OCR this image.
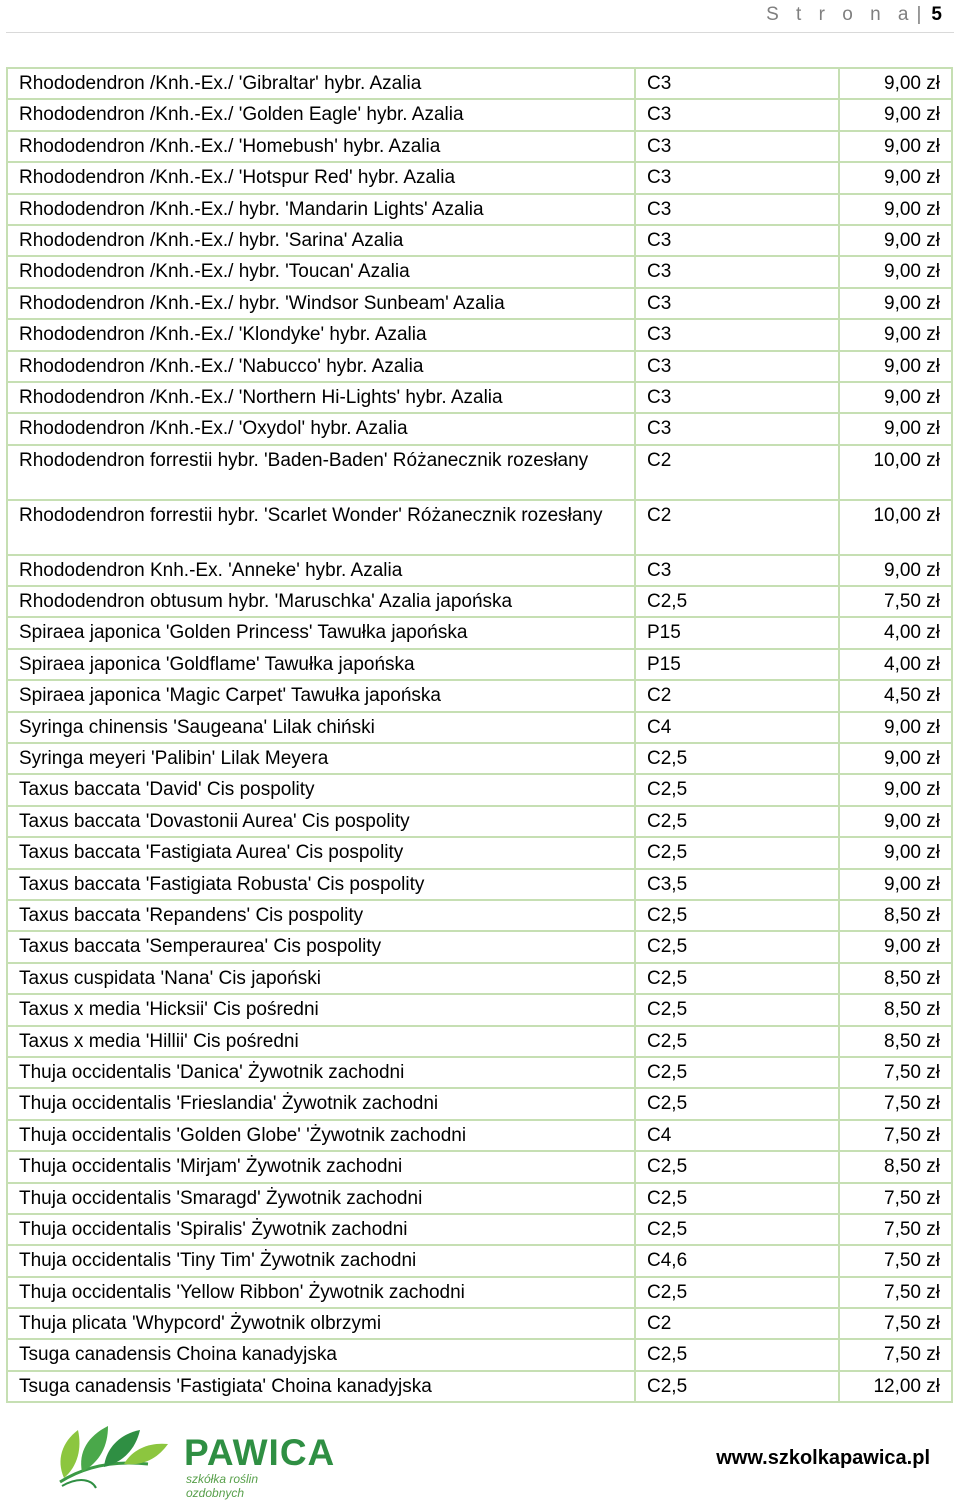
S t r o n a | 5
Rhododendron /Knh.-Ex./ 'Gibraltar' hybr. Azalia	C3	9,00 zł
Rhododendron /Knh.-Ex./ 'Golden Eagle' hybr. Azalia	C3	9,00 zł
Rhododendron /Knh.-Ex./ 'Homebush' hybr. Azalia	C3	9,00 zł
Rhododendron /Knh.-Ex./ 'Hotspur Red' hybr. Azalia	C3	9,00 zł
Rhododendron /Knh.-Ex./ hybr. 'Mandarin Lights' Azalia	C3	9,00 zł
Rhododendron /Knh.-Ex./ hybr. 'Sarina' Azalia	C3	9,00 zł
Rhododendron /Knh.-Ex./ hybr. 'Toucan' Azalia	C3	9,00 zł
Rhododendron /Knh.-Ex./ hybr. 'Windsor Sunbeam' Azalia	C3	9,00 zł
Rhododendron /Knh.-Ex./ 'Klondyke' hybr. Azalia	C3	9,00 zł
Rhododendron /Knh.-Ex./ 'Nabucco' hybr. Azalia	C3	9,00 zł
Rhododendron /Knh.-Ex./ 'Northern Hi-Lights' hybr. Azalia	C3	9,00 zł
Rhododendron /Knh.-Ex./ 'Oxydol' hybr. Azalia	C3	9,00 zł
Rhododendron forrestii hybr. 'Baden-Baden' Różanecznik rozesłany	C2	10,00 zł
Rhododendron forrestii hybr. 'Scarlet Wonder' Różanecznik rozesłany	C2	10,00 zł
Rhododendron Knh.-Ex. 'Anneke' hybr. Azalia	C3	9,00 zł
Rhododendron obtusum hybr. 'Maruschka' Azalia japońska	C2,5	7,50 zł
Spiraea japonica 'Golden Princess' Tawułka japońska	P15	4,00 zł
Spiraea japonica 'Goldflame' Tawułka japońska	P15	4,00 zł
Spiraea japonica 'Magic Carpet' Tawułka japońska	C2	4,50 zł
Syringa chinensis 'Saugeana' Lilak chiński	C4	9,00 zł
Syringa meyeri 'Palibin' Lilak Meyera	C2,5	9,00 zł
Taxus baccata 'David' Cis pospolity	C2,5	9,00 zł
Taxus baccata 'Dovastonii Aurea' Cis pospolity	C2,5	9,00 zł
Taxus baccata 'Fastigiata Aurea' Cis pospolity	C2,5	9,00 zł
Taxus baccata 'Fastigiata Robusta' Cis pospolity	C3,5	9,00 zł
Taxus baccata 'Repandens' Cis pospolity	C2,5	8,50 zł
Taxus baccata 'Semperaurea' Cis pospolity	C2,5	9,00 zł
Taxus cuspidata 'Nana' Cis japoński	C2,5	8,50 zł
Taxus x media 'Hicksii' Cis pośredni	C2,5	8,50 zł
Taxus x media 'Hillii' Cis pośredni	C2,5	8,50 zł
Thuja occidentalis 'Danica' Żywotnik zachodni	C2,5	7,50 zł
Thuja occidentalis 'Frieslandia' Żywotnik zachodni	C2,5	7,50 zł
Thuja occidentalis 'Golden Globe' 'Żywotnik zachodni	C4	7,50 zł
Thuja occidentalis 'Mirjam' Żywotnik zachodni	C2,5	8,50 zł
Thuja occidentalis 'Smaragd' Żywotnik zachodni	C2,5	7,50 zł
Thuja occidentalis 'Spiralis' Żywotnik zachodni	C2,5	7,50 zł
Thuja occidentalis 'Tiny Tim' Żywotnik zachodni	C4,6	7,50 zł
Thuja occidentalis 'Yellow Ribbon' Żywotnik zachodni	C2,5	7,50 zł
Thuja plicata 'Whypcord' Żywotnik olbrzymi	C2	7,50 zł
Tsuga canadensis Choina kanadyjska	C2,5	7,50 zł
Tsuga canadensis 'Fastigiata' Choina kanadyjska	C2,5	12,00 zł
PAWICA
szkółka roślin ozdobnych
www.szkolkapawica.pl
